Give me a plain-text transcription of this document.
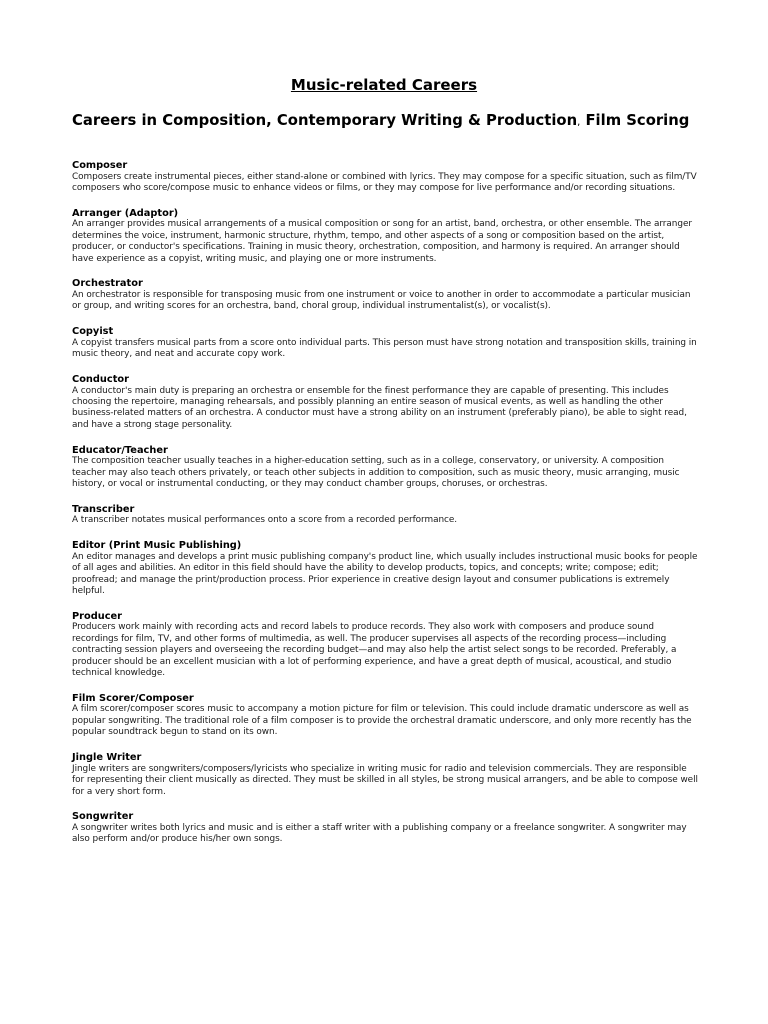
Music-related Careers
Careers in Composition, Contemporary Writing & Production, Film Scoring
Composer

Composers create instrumental pieces, either stand-alone or combined with lyrics. They may compose for a specific situation, such as film/TV composers who score/compose music to enhance videos or films, or they may compose for live performance and/or recording situations.

Arranger (Adaptor)

An arranger provides musical arrangements of a musical composition or song for an artist, band, orchestra, or other ensemble. The arranger determines the voice, instrument, harmonic structure, rhythm, tempo, and other aspects of a song or composition based on the artist, producer, or conductor's specifications. Training in music theory, orchestration, composition, and harmony is required. An arranger should have experience as a copyist, writing music, and playing one or more instruments.

Orchestrator

An orchestrator is responsible for transposing music from one instrument or voice to another in order to accommodate a particular musician or group, and writing scores for an orchestra, band, choral group, individual instrumentalist(s), or vocalist(s).

Copyist

A copyist transfers musical parts from a score onto individual parts. This person must have strong notation and transposition skills, training in music theory, and neat and accurate copy work.

Conductor

A conductor's main duty is preparing an orchestra or ensemble for the finest performance they are capable of presenting. This includes choosing the repertoire, managing rehearsals, and possibly planning an entire season of musical events, as well as handling the other business-related matters of an orchestra. A conductor must have a strong ability on an instrument (preferably piano), be able to sight read, and have a strong stage personality.

Educator/Teacher

The composition teacher usually teaches in a higher-education setting, such as in a college, conservatory, or university. A composition teacher may also teach others privately, or teach other subjects in addition to composition, such as music theory, music arranging, music history, or vocal or instrumental conducting, or they may conduct chamber groups, choruses, or orchestras.

Transcriber

A transcriber notates musical performances onto a score from a recorded performance.

Editor (Print Music Publishing)

An editor manages and develops a print music publishing company's product line, which usually includes instructional music books for people of all ages and abilities. An editor in this field should have the ability to develop products, topics, and concepts; write; compose; edit; proofread; and manage the print/production process. Prior experience in creative design layout and consumer publications is extremely helpful.

Producer

Producers work mainly with recording acts and record labels to produce records. They also work with composers and produce sound recordings for film, TV, and other forms of multimedia, as well. The producer supervises all aspects of the recording process—including contracting session players and overseeing the recording budget—and may also help the artist select songs to be recorded. Preferably, a producer should be an excellent musician with a lot of performing experience, and have a great depth of musical, acoustical, and studio technical knowledge.

Film Scorer/Composer

A film scorer/composer scores music to accompany a motion picture for film or television. This could include dramatic underscore as well as popular songwriting. The traditional role of a film composer is to provide the orchestral dramatic underscore, and only more recently has the popular soundtrack begun to stand on its own.

Jingle Writer

Jingle writers are songwriters/composers/lyricists who specialize in writing music for radio and television commercials. They are responsible for representing their client musically as directed. They must be skilled in all styles, be strong musical arrangers, and be able to compose well for a very short form.

Songwriter

A songwriter writes both lyrics and music and is either a staff writer with a publishing company or a freelance songwriter. A songwriter may also perform and/or produce his/her own songs.
